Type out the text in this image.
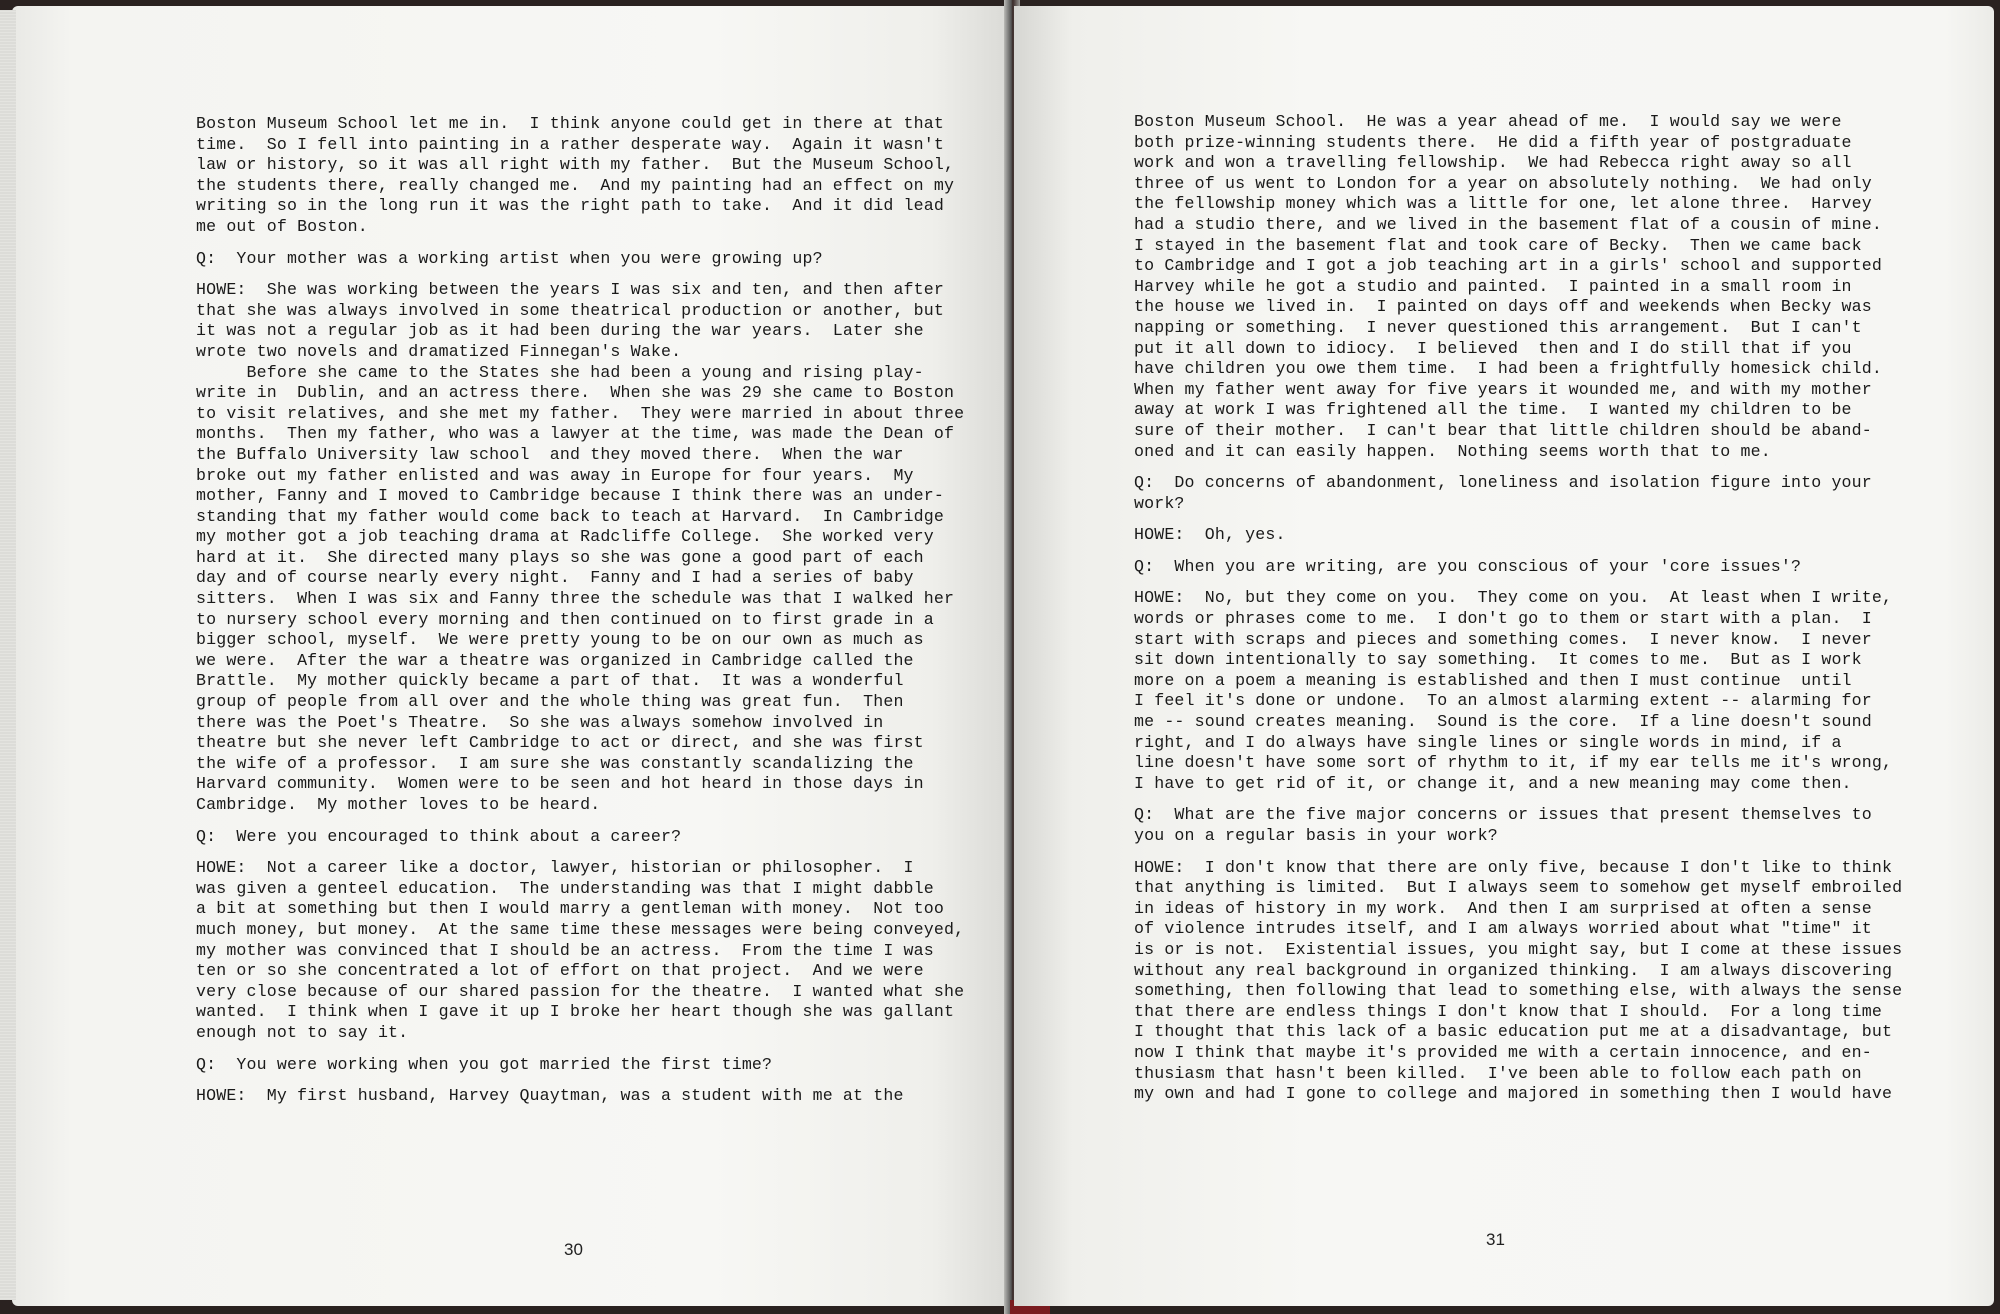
Boston Museum School let me in.  I think anyone could get in there at that
time.  So I fell into painting in a rather desperate way.  Again it wasn't
law or history, so it was all right with my father.  But the Museum School,
the students there, really changed me.  And my painting had an effect on my
writing so in the long run it was the right path to take.  And it did lead
me out of Boston.

Q:  Your mother was a working artist when you were growing up?

HOWE:  She was working between the years I was six and ten, and then after
that she was always involved in some theatrical production or another, but
it was not a regular job as it had been during the war years.  Later she
wrote two novels and dramatized Finnegan's Wake.
Before she came to the States she had been a young and rising play-
write in  Dublin, and an actress there.  When she was 29 she came to Boston
to visit relatives, and she met my father.  They were married in about three
months.  Then my father, who was a lawyer at the time, was made the Dean of
the Buffalo University law school  and they moved there.  When the war
broke out my father enlisted and was away in Europe for four years.  My
mother, Fanny and I moved to Cambridge because I think there was an under-
standing that my father would come back to teach at Harvard.  In Cambridge
my mother got a job teaching drama at Radcliffe College.  She worked very
hard at it.  She directed many plays so she was gone a good part of each
day and of course nearly every night.  Fanny and I had a series of baby
sitters.  When I was six and Fanny three the schedule was that I walked her
to nursery school every morning and then continued on to first grade in a
bigger school, myself.  We were pretty young to be on our own as much as
we were.  After the war a theatre was organized in Cambridge called the
Brattle.  My mother quickly became a part of that.  It was a wonderful
group of people from all over and the whole thing was great fun.  Then
there was the Poet's Theatre.  So she was always somehow involved in
theatre but she never left Cambridge to act or direct, and she was first
the wife of a professor.  I am sure she was constantly scandalizing the
Harvard community.  Women were to be seen and hot heard in those days in
Cambridge.  My mother loves to be heard.

Q:  Were you encouraged to think about a career?

HOWE:  Not a career like a doctor, lawyer, historian or philosopher.  I
was given a genteel education.  The understanding was that I might dabble
a bit at something but then I would marry a gentleman with money.  Not too
much money, but money.  At the same time these messages were being conveyed,
my mother was convinced that I should be an actress.  From the time I was
ten or so she concentrated a lot of effort on that project.  And we were
very close because of our shared passion for the theatre.  I wanted what she
wanted.  I think when I gave it up I broke her heart though she was gallant
enough not to say it.

Q:  You were working when you got married the first time?

HOWE:  My first husband, Harvey Quaytman, was a student with me at the
30
Boston Museum School.  He was a year ahead of me.  I would say we were
both prize-winning students there.  He did a fifth year of postgraduate
work and won a travelling fellowship.  We had Rebecca right away so all
three of us went to London for a year on absolutely nothing.  We had only
the fellowship money which was a little for one, let alone three.  Harvey
had a studio there, and we lived in the basement flat of a cousin of mine.
I stayed in the basement flat and took care of Becky.  Then we came back
to Cambridge and I got a job teaching art in a girls' school and supported
Harvey while he got a studio and painted.  I painted in a small room in
the house we lived in.  I painted on days off and weekends when Becky was
napping or something.  I never questioned this arrangement.  But I can't
put it all down to idiocy.  I believed  then and I do still that if you
have children you owe them time.  I had been a frightfully homesick child.
When my father went away for five years it wounded me, and with my mother
away at work I was frightened all the time.  I wanted my children to be
sure of their mother.  I can't bear that little children should be aband-
oned and it can easily happen.  Nothing seems worth that to me.

Q:  Do concerns of abandonment, loneliness and isolation figure into your
work?

HOWE:  Oh, yes.

Q:  When you are writing, are you conscious of your 'core issues'?

HOWE:  No, but they come on you.  They come on you.  At least when I write,
words or phrases come to me.  I don't go to them or start with a plan.  I
start with scraps and pieces and something comes.  I never know.  I never
sit down intentionally to say something.  It comes to me.  But as I work
more on a poem a meaning is established and then I must continue  until
I feel it's done or undone.  To an almost alarming extent -- alarming for
me -- sound creates meaning.  Sound is the core.  If a line doesn't sound
right, and I do always have single lines or single words in mind, if a
line doesn't have some sort of rhythm to it, if my ear tells me it's wrong,
I have to get rid of it, or change it, and a new meaning may come then.

Q:  What are the five major concerns or issues that present themselves to
you on a regular basis in your work?

HOWE:  I don't know that there are only five, because I don't like to think
that anything is limited.  But I always seem to somehow get myself embroiled
in ideas of history in my work.  And then I am surprised at often a sense
of violence intrudes itself, and I am always worried about what "time" it
is or is not.  Existential issues, you might say, but I come at these issues
without any real background in organized thinking.  I am always discovering
something, then following that lead to something else, with always the sense
that there are endless things I don't know that I should.  For a long time
I thought that this lack of a basic education put me at a disadvantage, but
now I think that maybe it's provided me with a certain innocence, and en-
thusiasm that hasn't been killed.  I've been able to follow each path on
my own and had I gone to college and majored in something then I would have
31
